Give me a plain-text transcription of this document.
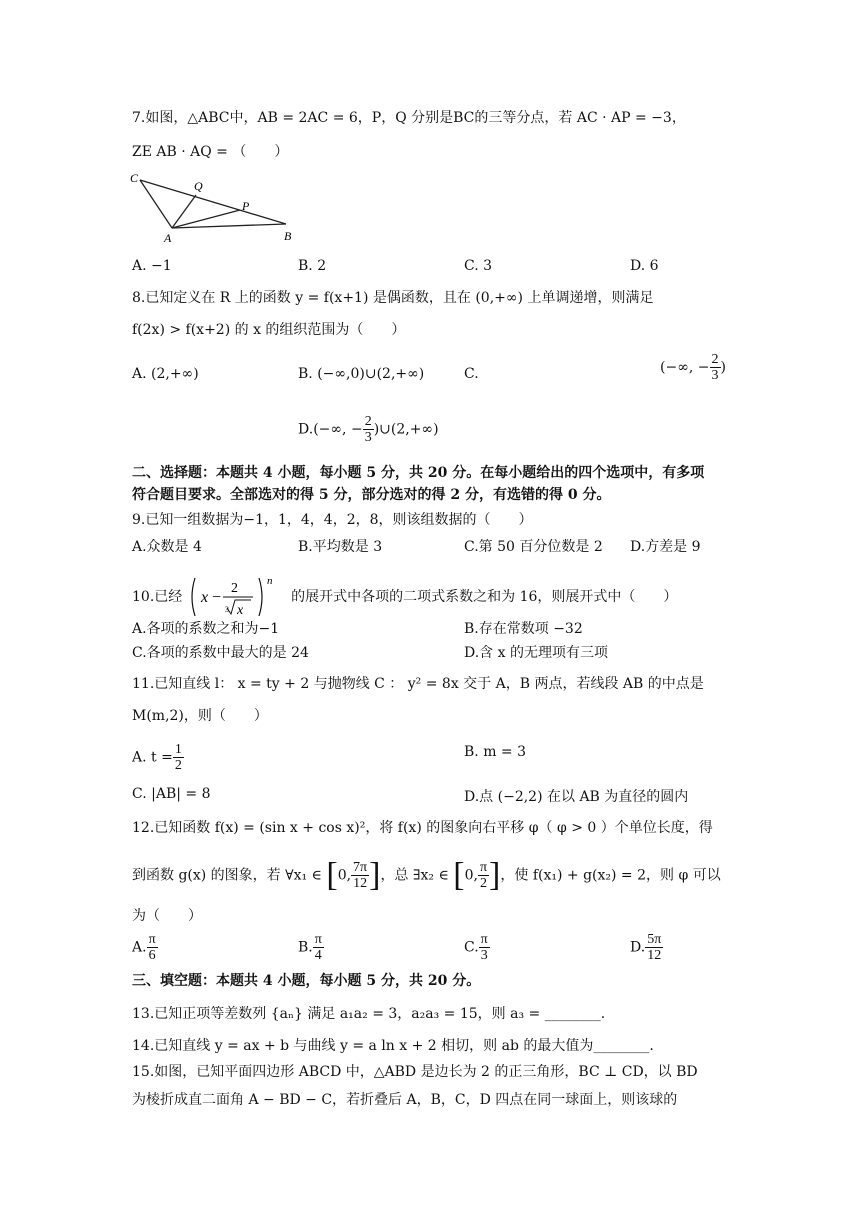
7.如图，△ABC中，AB = 2AC = 6，P，Q 分别是BC的三等分点，若 AC · AP = −3，
ZE AB · AQ = （　　）
C
Q
P
A	B
A. −1	B. 2	C. 3	D. 6
8.已知定义在 R 上的函数 y = f(x+1) 是偶函数，且在 (0,+∞) 上单调递增，则满足
f(2x) > f(x+2) 的 x 的组织范围为（　　）
A. (2,+∞)	B. (−∞,0)∪(2,+∞)	C.	(−∞, − $\frac{2}{3}$ )
D.(−∞, − $\frac{2}{3}$ )∪(2,+∞)
二、选择题：本题共 4 小题，每小题 5 分，共 20 分。在每小题给出的四个选项中，有多项
符合题目要求。全部选对的得 5 分，部分选对的得 2 分，有选错的得 0 分。
9.已知一组数据为−1，1，4，4，2，8，则该组数据的（　　）
A.众数是 4	B.平均数是 3	C.第 50 百分位数是 2 D.方差是 9
10.已经 x −
2
3 x
n
的展开式中各项的二项式系数之和为 16，则展开式中（　　）
A.各项的系数之和为−1	B.存在常数项 −32
C.各项的系数中最大的是 24	D.含 x 的无理项有三项
11.已知直线 l： x = ty + 2 与抛物线 C ： y² = 8x 交于 A，B 两点，若线段 AB 的中点是
M(m,2)，则（　　）
A. $t = \frac{1}{2}$	B. m = 3
C. |AB| = 8	D.点 (−2,2) 在以 AB 为直径的圆内
12.已知函数 f(x) = (sin x + cos x)²，将 f(x) 的图象向右平移 φ（ φ > 0 ）个单位长度，得
到函数 g(x) 的图象，若 ∀x₁ ∈ [0, $\frac{7\pi}{12}$ ]，总 ∃x₂ ∈ [0, $\frac{\pi}{2}$ ]，使 f(x₁) + g(x₂) = 2，则 φ 可以
为（　　）
A. $\frac{\pi}{6}$	B. $\frac{\pi}{4}$	C. $\frac{\pi}{3}$	D. $\frac{5\pi}{12}$
三、填空题：本题共 4 小题，每小题 5 分，共 20 分。
13.已知正项等差数列 {aₙ} 满足 a₁a₂ = 3，a₂a₃ = 15，则 a₃ = ________.
14.已知直线 y = ax + b 与曲线 y = a ln x + 2 相切，则 ab 的最大值为________.
15.如图，已知平面四边形 ABCD 中，△ABD 是边长为 2 的正三角形，BC ⊥ CD，以 BD
为棱折成直二面角 A − BD − C，若折叠后 A，B，C，D 四点在同一球面上，则该球的
